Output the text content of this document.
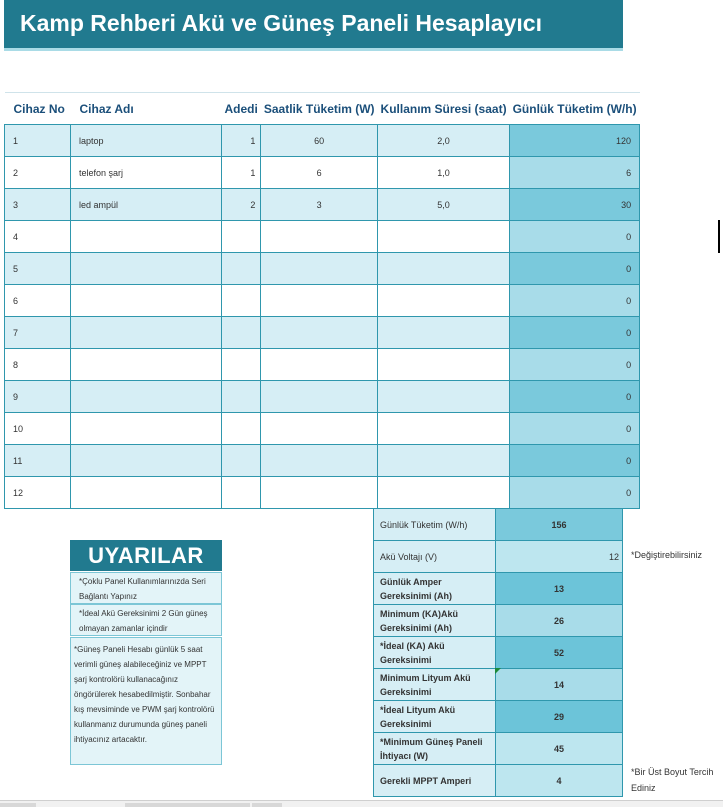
Kamp Rehberi Akü ve Güneş Paneli Hesaplayıcı
Cihaz No	Cihaz Adı	Adedi	Saatlik Tüketim (W)	Kullanım Süresi (saat)	Günlük Tüketim (W/h)
1	laptop	1	60	2,0	120
2	telefon şarj	1	6	1,0	6
3	led ampül	2	3	5,0	30
4					0
5					0
6					0
7					0
8					0
9					0
10					0
11					0
12					0
Günlük Tüketim (W/h)	156
Akü Voltajı (V)	12
Günlük Amper Gereksinimi (Ah)	13
Minimum (KA)Akü Gereksinimi (Ah)	26
*İdeal (KA) Akü Gereksinimi	52
Minimum Lityum Akü Gereksinimi	14
*İdeal Lityum Akü Gereksinimi	29
*Minimum Güneş Paneli İhtiyacı (W)	45
Gerekli MPPT Amperi	4
*Değiştirebilirsiniz
*Bir Üst Boyut Tercih Ediniz
UYARILAR
*Çoklu Panel Kullanımlarınızda Seri Bağlantı Yapınız
*İdeal Akü Gereksinimi 2 Gün güneş olmayan zamanlar içindir
*Güneş Paneli Hesabı günlük 5 saat verimli güneş alabileceğiniz ve MPPT şarj kontrolörü kullanacağınız öngörülerek hesabedilmiştir. Sonbahar kış mevsiminde ve PWM şarj kontrolörü kullanmanız durumunda güneş paneli ihtiyacınız artacaktır.
